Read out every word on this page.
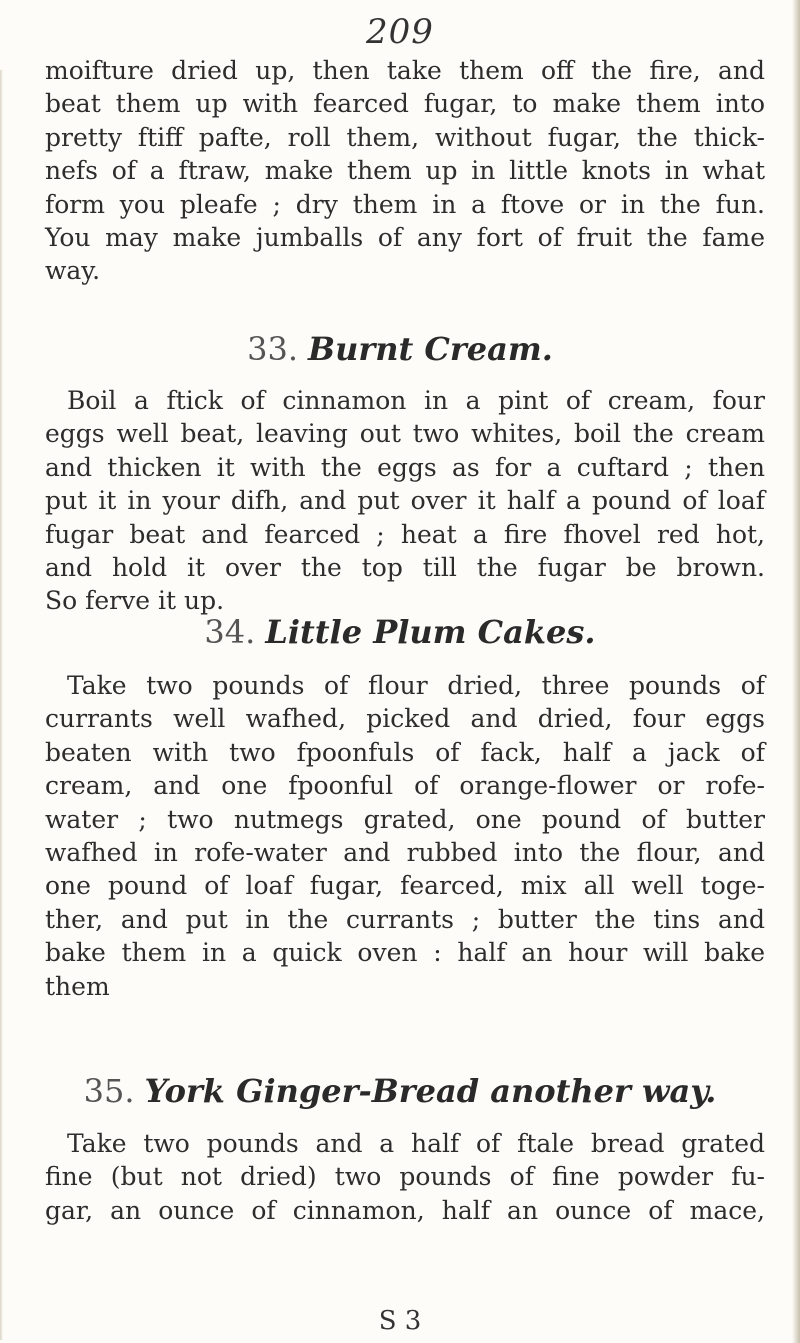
209
moifture dried up, then take them off the fire, and
beat them up with fearced fugar, to make them into
pretty ftiff pafte, roll them, without fugar, the thick-
nefs of a ftraw, make them up in little knots in what
form you pleafe ; dry them in a ftove or in the fun.
You may make jumballs of any fort of fruit the fame
way.
33. Burnt Cream.
Boil a ftick of cinnamon in a pint of cream, four
eggs well beat, leaving out two whites, boil the cream
and thicken it with the eggs as for a cuftard ; then
put it in your difh, and put over it half a pound of loaf
fugar beat and fearced ; heat a fire fhovel red hot,
and hold it over the top till the fugar be brown.
So ferve it up.
34. Little Plum Cakes.
Take two pounds of flour dried, three pounds of
currants well wafhed, picked and dried, four eggs
beaten with two fpoonfuls of fack, half a jack of
cream, and one fpoonful of orange-flower or rofe-
water ; two nutmegs grated, one pound of butter
wafhed in rofe-water and rubbed into the flour, and
one pound of loaf fugar, fearced, mix all well toge-
ther, and put in the currants ; butter the tins and
bake them in a quick oven : half an hour will bake
them
35. York Ginger-Bread another way.
Take two pounds and a half of ftale bread grated
fine (but not dried) two pounds of fine powder fu-
gar, an ounce of cinnamon, half an ounce of mace,
S 3
